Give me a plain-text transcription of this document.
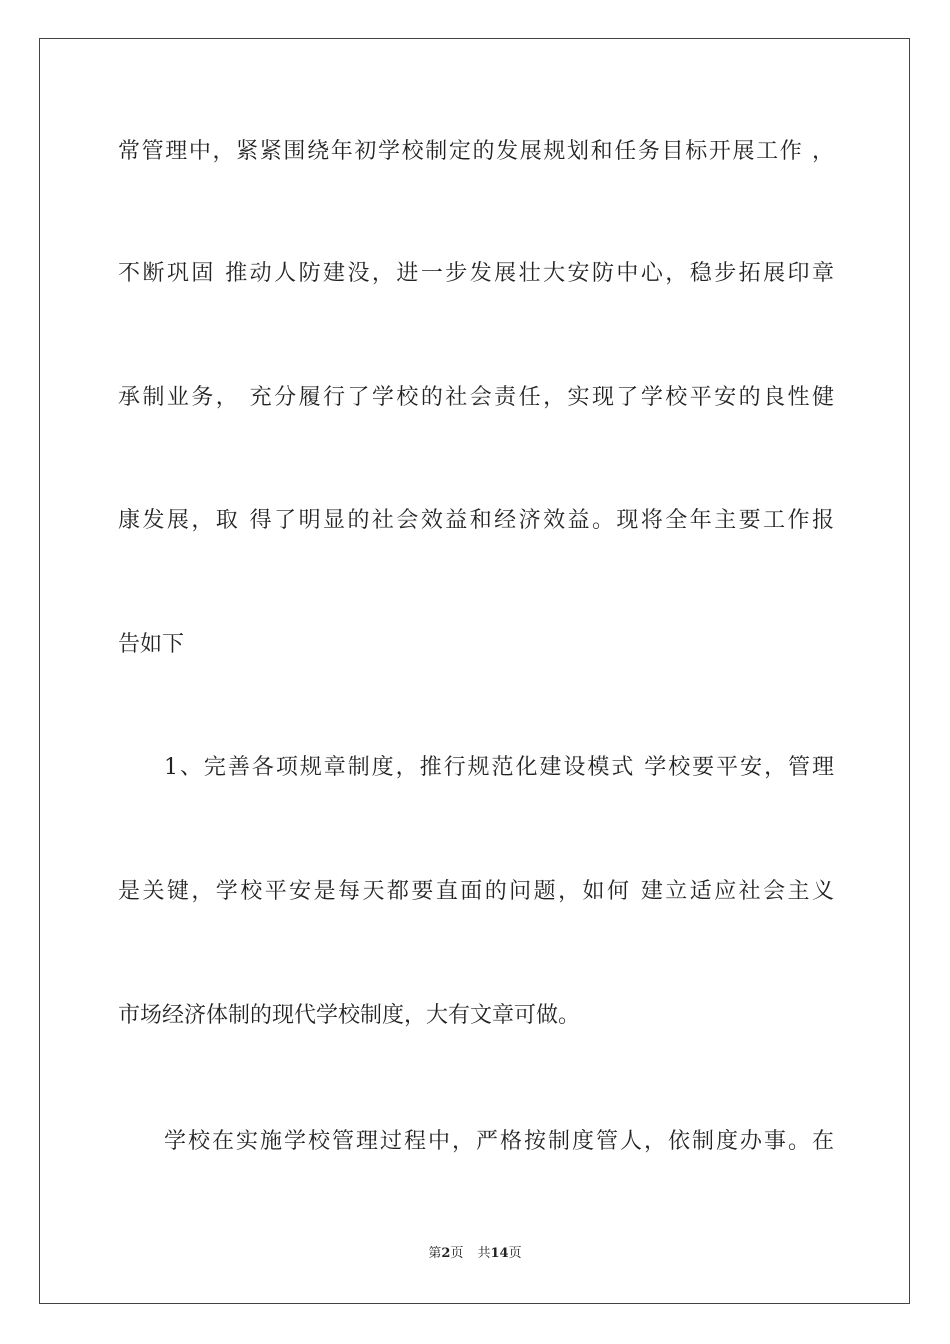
常管理中，紧紧围绕年初学校制定的发展规划和任务目标开展工作 ，
不断巩固 推动人防建没，进一步发展壮大安防中心，稳步拓展印章
承制业务， 充分履行了学校的社会责任，实现了学校平安的良性健
康发展，取 得了明显的社会效益和经济效益。现将全年主要工作报
告如下
1、完善各项规章制度，推行规范化建设模式 学校要平安，管理
是关键，学校平安是每天都要直面的问题，如何 建立适应社会主义
市场经济体制的现代学校制度，大有文章可做。
学校在实施学校管理过程中，严格按制度管人，依制度办事。在
第2页 共14页
